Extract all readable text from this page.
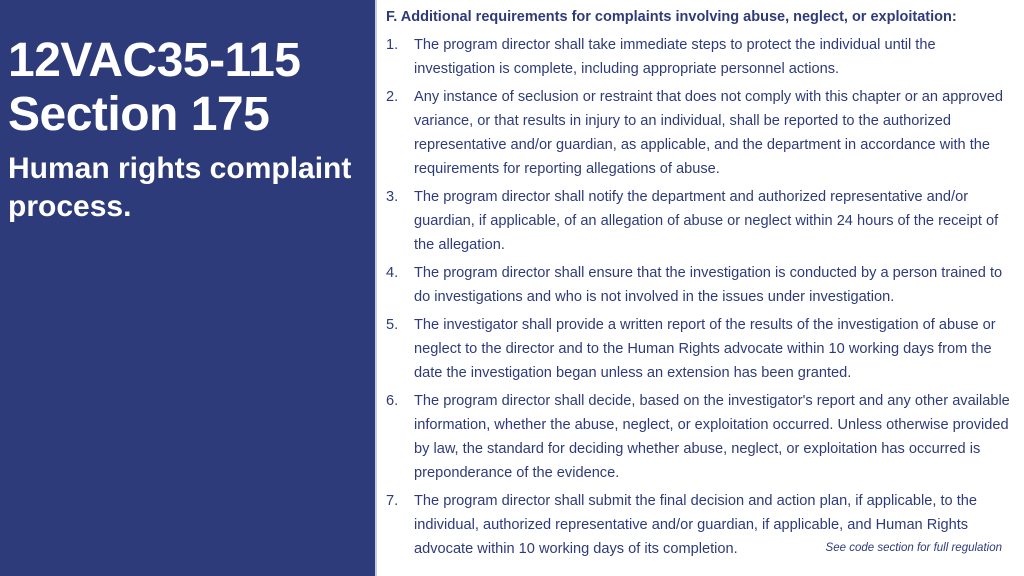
12VAC35-115 Section 175
Human rights complaint process.
F. Additional requirements for complaints involving abuse, neglect, or exploitation:
1.	The program director shall take immediate steps to protect the individual until the investigation is complete, including appropriate personnel actions.
2.	Any instance of seclusion or restraint that does not comply with this chapter or an approved variance, or that results in injury to an individual, shall be reported to the authorized representative and/or guardian, as applicable, and the department in accordance with the requirements for reporting allegations of abuse.
3.	The program director shall notify the department and authorized representative and/or guardian, if applicable, of an allegation of abuse or neglect within 24 hours of the receipt of the allegation.
4.	The program director shall ensure that the investigation is conducted by a person trained to do investigations and who is not involved in the issues under investigation.
5.	The investigator shall provide a written report of the results of the investigation of abuse or neglect to the director and to the Human Rights advocate within 10 working days from the date the investigation began unless an extension has been granted.
6.	The program director shall decide, based on the investigator's report and any other available information, whether the abuse, neglect, or exploitation occurred. Unless otherwise provided by law, the standard for deciding whether abuse, neglect, or exploitation has occurred is preponderance of the evidence.
7.	The program director shall submit the final decision and action plan, if applicable, to the individual, authorized representative and/or guardian, if applicable, and Human Rights advocate within 10 working days of its completion.	See code section for full regulation
